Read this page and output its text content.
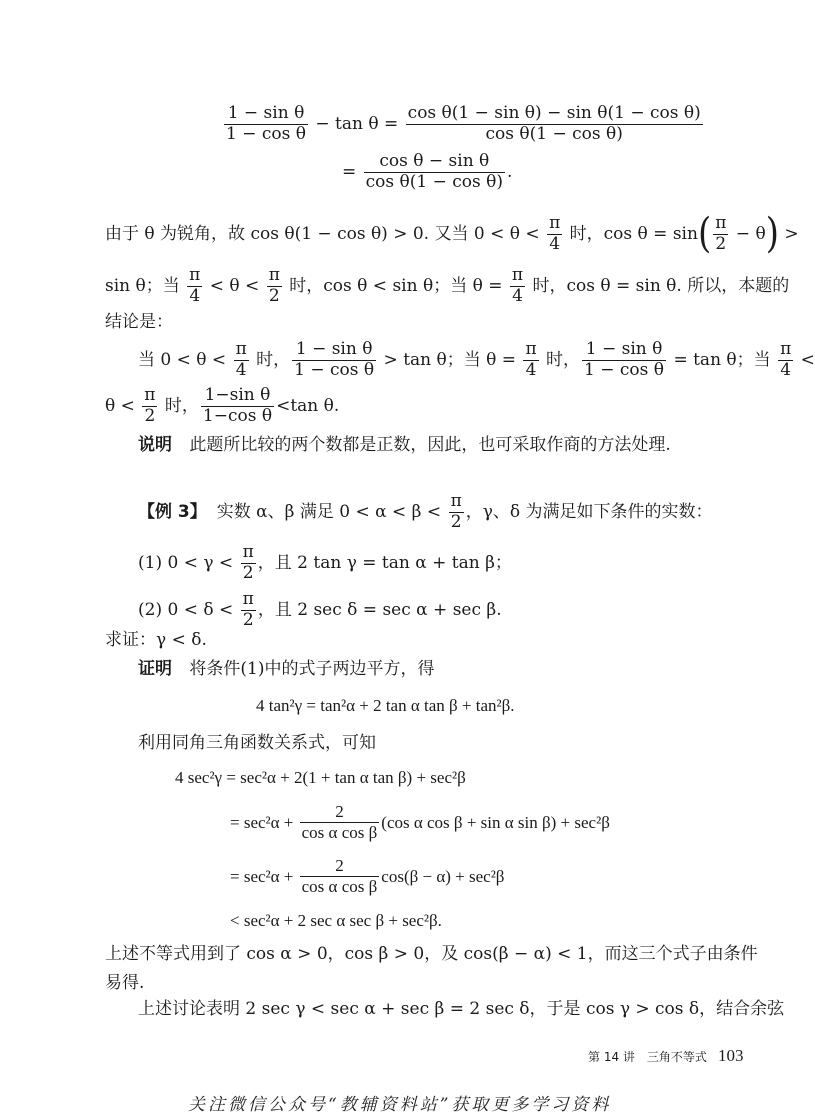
$\frac{\text{1 − sin θ}}{\text{1 − cos θ}} - \tan \theta = \frac{\text{cos θ(1 − sin θ) − sin θ(1 − cos θ)}}{\text{cos θ(1 − cos θ)}}$
= $\frac{\text{cos θ − sin θ}}{\text{cos θ(1 − cos θ)}}$ .
由于 θ 为锐角，故 cos θ(1 − cos θ) > 0. 又当 $0 < \theta < \frac{\pi}{4}$ 时，cos θ = sin ( $\frac{\pi}{2} - \theta$ ) >
sin θ；当 $\frac{\pi}{4} < \theta < \frac{\pi}{2}$ 时，cos θ < sin θ；当 $\theta = \frac{\pi}{4}$ 时，cos θ = sin θ. 所以，本题的
结论是：
当 $0 < \theta < \frac{\pi}{4}$ 时， $\frac{\text{1 − sin θ}}{\text{1 − cos θ}} > \tan \theta$；当 $\theta = \frac{\pi}{4}$ 时， $\frac{\text{1 − sin θ}}{\text{1 − cos θ}} = \tan \theta$；当 $\frac{\pi}{4}$ <
$\theta < \frac{\pi}{2}$ 时， $\frac{\text{1−sin θ}}{\text{1−cos θ}} <\tan$ θ.
说明 此题所比较的两个数都是正数，因此，也可采取作商的方法处理.
【例 3】 实数 α、β 满足 $0 < \alpha < \beta < \frac{\pi}{2}$ ，γ、δ 为满足如下条件的实数：
(1) $0 < \gamma < \frac{\pi}{2}$ ，且 2 tan γ = tan α + tan β；
(2) $0 < \delta < \frac{\pi}{2}$ ，且 2 sec δ = sec α + sec β.
求证：γ < δ.
证明 将条件(1)中的式子两边平方，得
4 tan²γ = tan²α + 2 tan α tan β + tan²β.
利用同角三角函数关系式，可知
4 sec²γ = sec²α + 2(1 + tan α tan β) + sec²β
= $\sec^2\alpha + \frac{2}{\text{cos α cos β}} (\cos$ α cos β + sin α sin β) + sec²β
= $\sec^2\alpha + \frac{2}{\text{cos α cos β}} \cos(\beta - \alpha) + \sec^2\beta$
< sec²α + 2 sec α sec β + sec²β.
上述不等式用到了 cos α > 0，cos β > 0，及 cos(β − α) < 1，而这三个式子由条件
易得.
上述讨论表明 2 sec γ < sec α + sec β = 2 sec δ，于是 cos γ > cos δ，结合余弦
第 14 讲　三角不等式 103
关注微信公众号“教辅资料站”获取更多学习资料
